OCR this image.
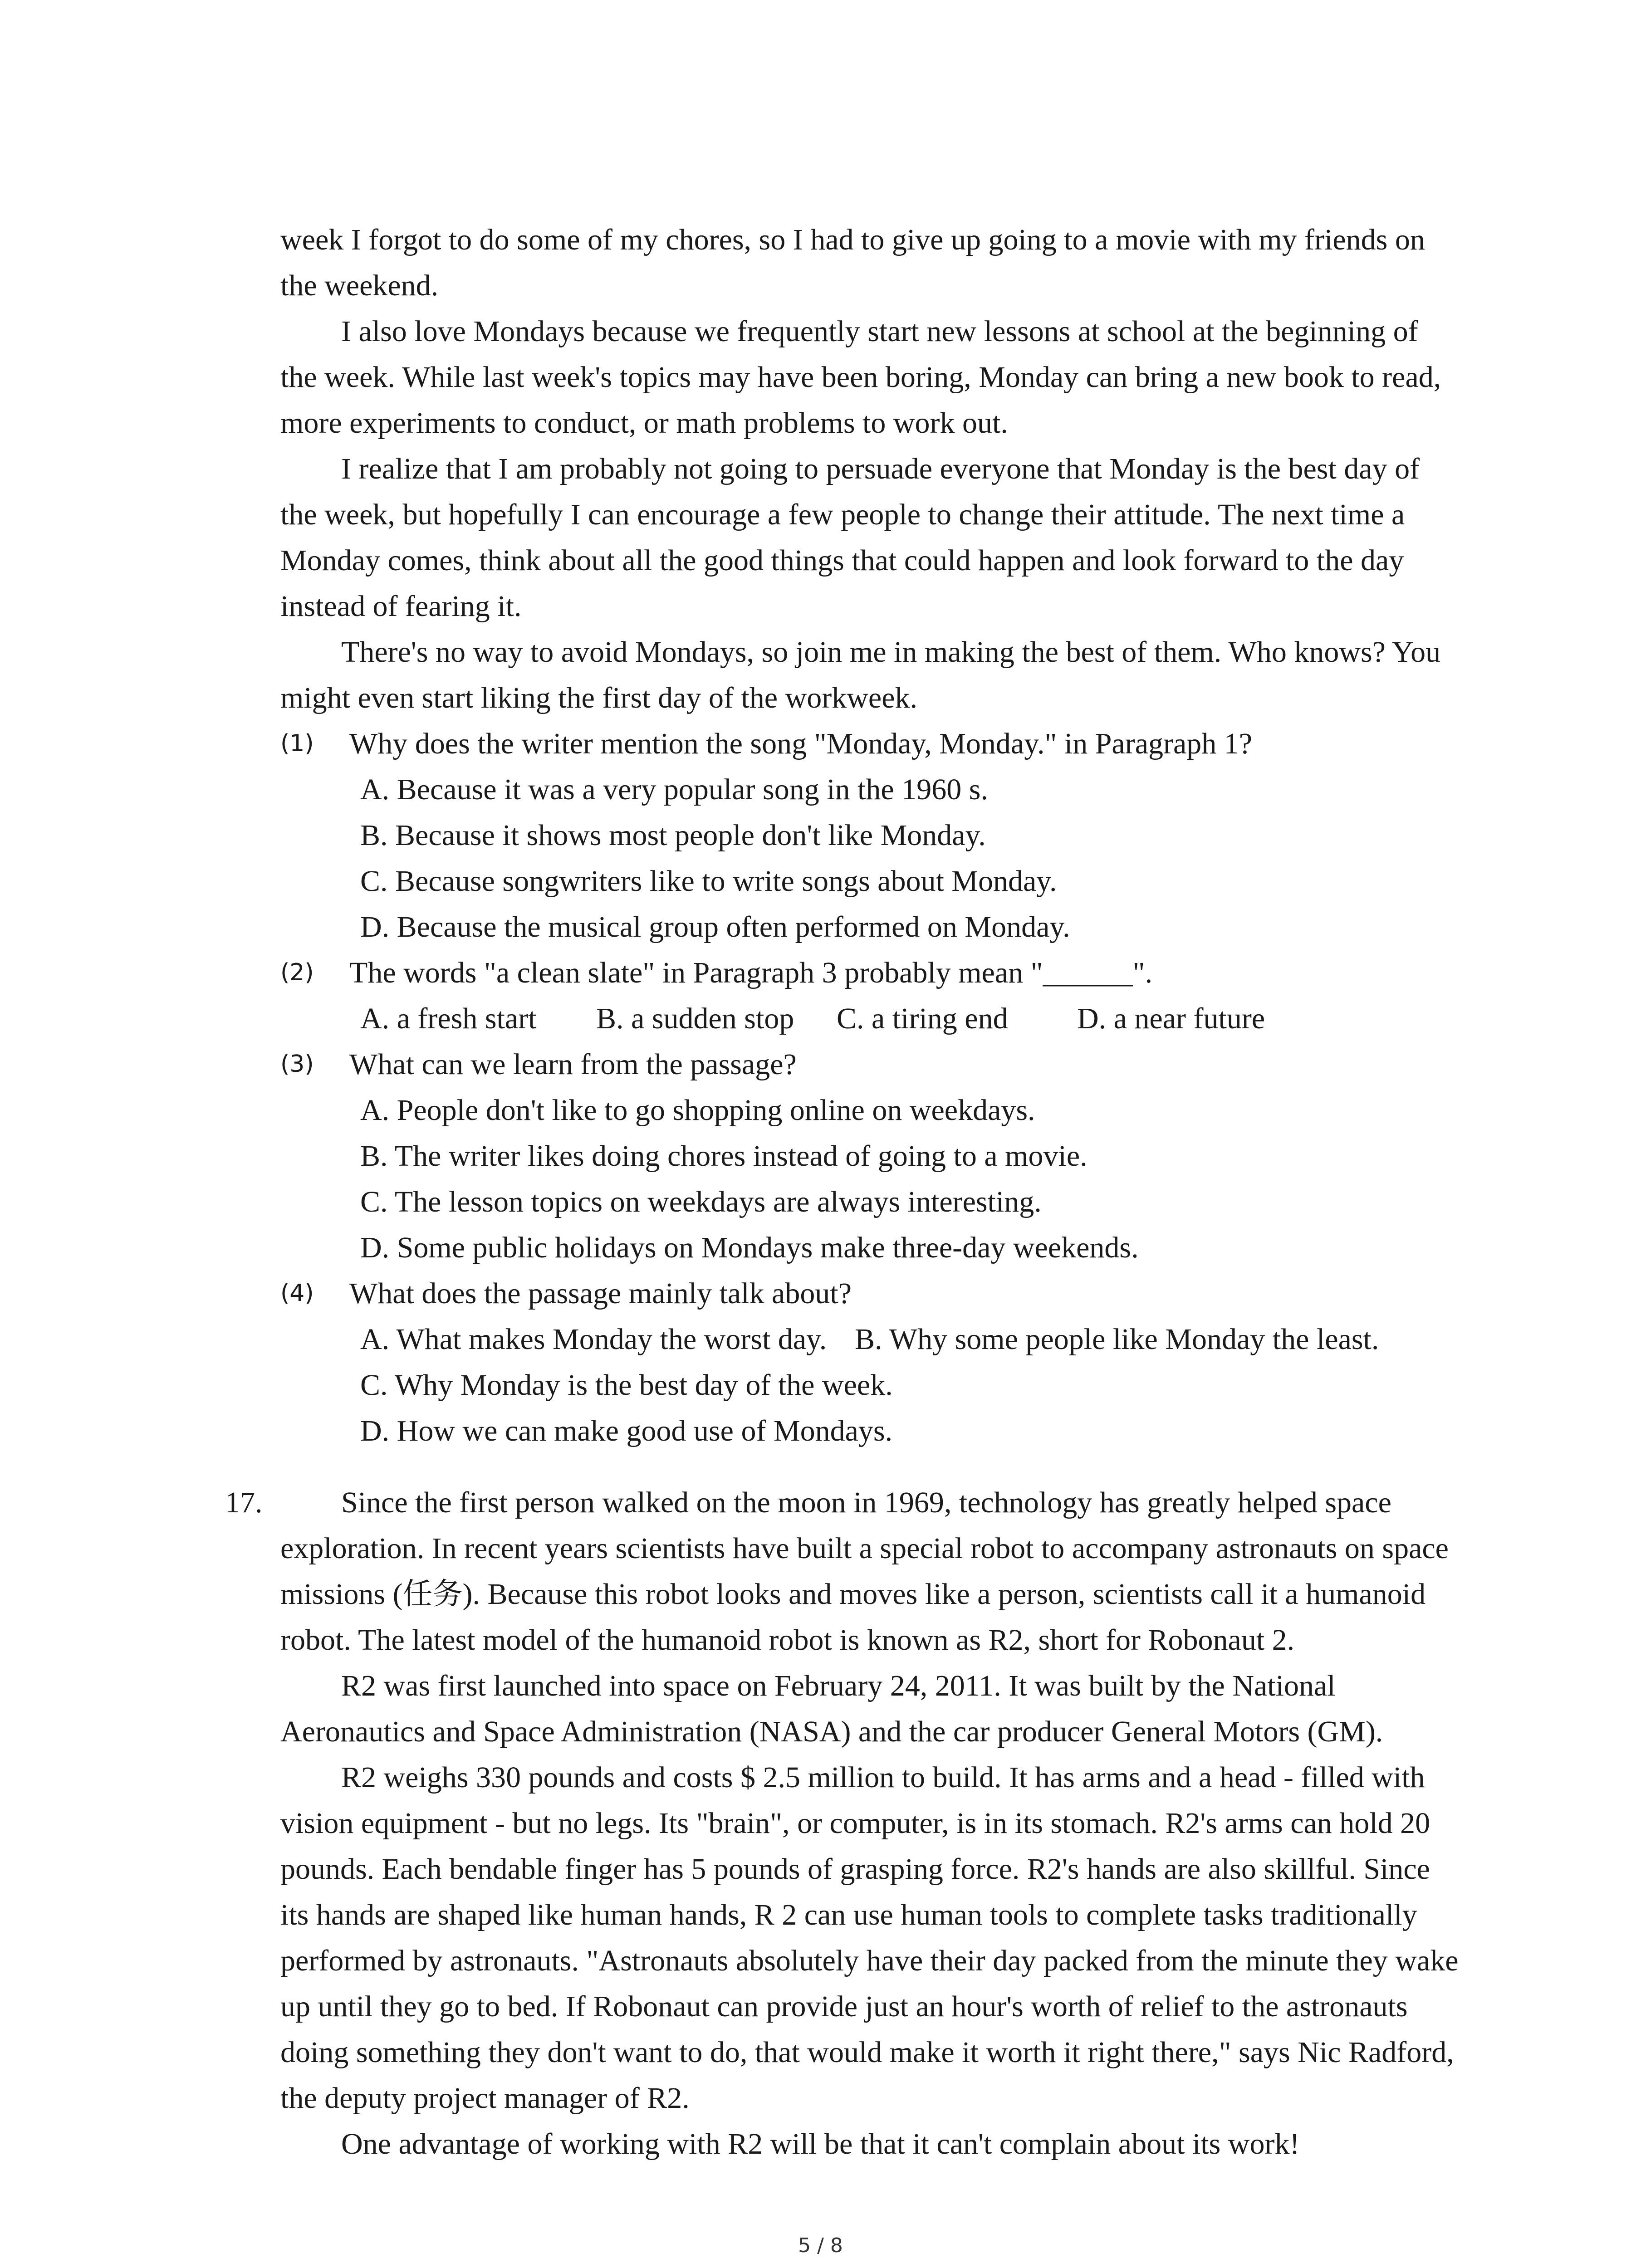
week I forgot to do some of my chores, so I had to give up going to a movie with my friends on the weekend.

I also love Mondays because we frequently start new lessons at school at the beginning of the week. While last week's topics may have been boring, Monday can bring a new book to read, more experiments to conduct, or math problems to work out.

I realize that I am probably not going to persuade everyone that Monday is the best day of the week, but hopefully I can encourage a few people to change their attitude. The next time a Monday comes, think about all the good things that could happen and look forward to the day instead of fearing it.

There's no way to avoid Mondays, so join me in making the best of them. Who knows? You might even start liking the first day of the workweek.

(1)	Why does the writer mention the song "Monday, Monday." in Paragraph 1?

A. Because it was a very popular song in the 1960 s.

B. Because it shows most people don't like Monday.

C. Because songwriters like to write songs about Monday.

D. Because the musical group often performed on Monday.

(2)	The words "a clean slate" in Paragraph 3 probably mean "______".

A. a fresh start	B. a sudden stop	C. a tiring end	D. a near future
(3)	What can we learn from the passage?

A. People don't like to go shopping online on weekdays.

B. The writer likes doing chores instead of going to a movie.

C. The lesson topics on weekdays are always interesting.

D. Some public holidays on Mondays make three-day weekends.

(4)	What does the passage mainly talk about?

A. What makes Monday the worst day. B. Why some people like Monday the least.

C. Why Monday is the best day of the week.

D. How we can make good use of Mondays.

17.	Since the first person walked on the moon in 1969, technology has greatly helped space exploration. In recent years scientists have built a special robot to accompany astronauts on space missions (任务). Because this robot looks and moves like a person, scientists call it a humanoid robot. The latest model of the humanoid robot is known as R2, short for Robonaut 2.

R2 was first launched into space on February 24, 2011. It was built by the National Aeronautics and Space Administration (NASA) and the car producer General Motors (GM).

R2 weighs 330 pounds and costs $ 2.5 million to build. It has arms and a head - filled with vision equipment - but no legs. Its "brain", or computer, is in its stomach. R2's arms can hold 20 pounds. Each bendable finger has 5 pounds of grasping force. R2's hands are also skillful. Since its hands are shaped like human hands, R 2 can use human tools to complete tasks traditionally performed by astronauts. "Astronauts absolutely have their day packed from the minute they wake up until they go to bed. If Robonaut can provide just an hour's worth of relief to the astronauts doing something they don't want to do, that would make it worth it right there," says Nic Radford, the deputy project manager of R2.

One advantage of working with R2 will be that it can't complain about its work!

5 / 8
